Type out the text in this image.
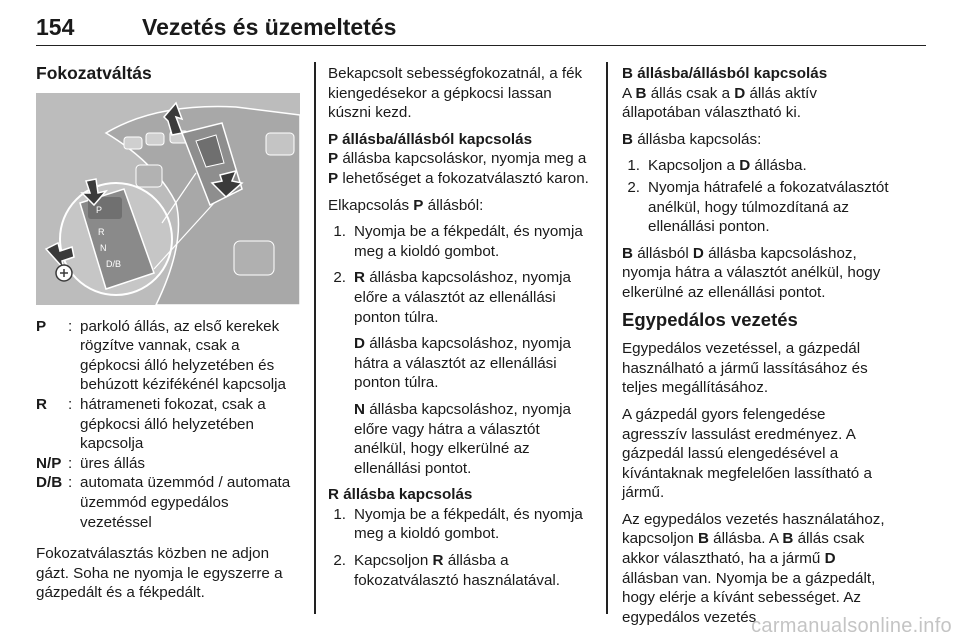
154	Vezetés és üzemeltetés
Fokozatváltás
P
R
N
D/B
P	: parkoló állás, az első kerekek rögzítve vannak, csak a gépkocsi álló helyzetében és behúzott kézifékénél kapcsolja
R	: hátrameneti fokozat, csak a gépkocsi álló helyzetében kapcsolja
N/P : üres állás
D/B : automata üzemmód / automata üzemmód egypedálos vezetéssel

Fokozatválasztás közben ne adjon gázt. Soha ne nyomja le egyszerre a gázpedált és a fékpedált.

Bekapcsolt sebességfokozatnál, a fék kiengedésekor a gépkocsi lassan kúszni kezd.

P állásba/állásból kapcsolás

P állásba kapcsoláskor, nyomja meg a P lehetőséget a fokozatválasztó karon.

Elkapcsolás P állásból:

1. Nyomja be a fékpedált, és nyomja meg a kioldó gombot.
2. R állásba kapcsoláshoz, nyomja előre a választót az ellenállási ponton túlra.
D állásba kapcsoláshoz, nyomja hátra a választót az ellenállási ponton túlra.
N állásba kapcsoláshoz, nyomja előre vagy hátra a választót anélkül, hogy elkerülné az ellenállási pontot.
R állásba kapcsolás
1. Nyomja be a fékpedált, és nyomja meg a kioldó gombot.
2. Kapcsoljon R állásba a fokozatválasztó használatával.
B állásba/állásból kapcsolás

A B állás csak a D állás aktív állapotában választható ki.

B állásba kapcsolás:

1. Kapcsoljon a D állásba.
2. Nyomja hátrafelé a fokozatválasztót anélkül, hogy túlmozdítaná az ellenállási ponton.

B állásból D állásba kapcsoláshoz, nyomja hátra a választót anélkül, hogy elkerülné az ellenállási pontot.

Egypedálos vezetés

Egypedálos vezetéssel, a gázpedál használható a jármű lassításához és teljes megállításához.

A gázpedál gyors felengedése agresszív lassulást eredményez. A gázpedál lassú elengedésével a kívántaknak megfelelően lassítható a jármű.

Az egypedálos vezetés használatához, kapcsoljon B állásba. A B állás csak akkor választható, ha a jármű D állásban van. Nyomja be a gázpedált, hogy elérje a kívánt sebességet. Az egypedálos vezetés

carmanualsonline.info
